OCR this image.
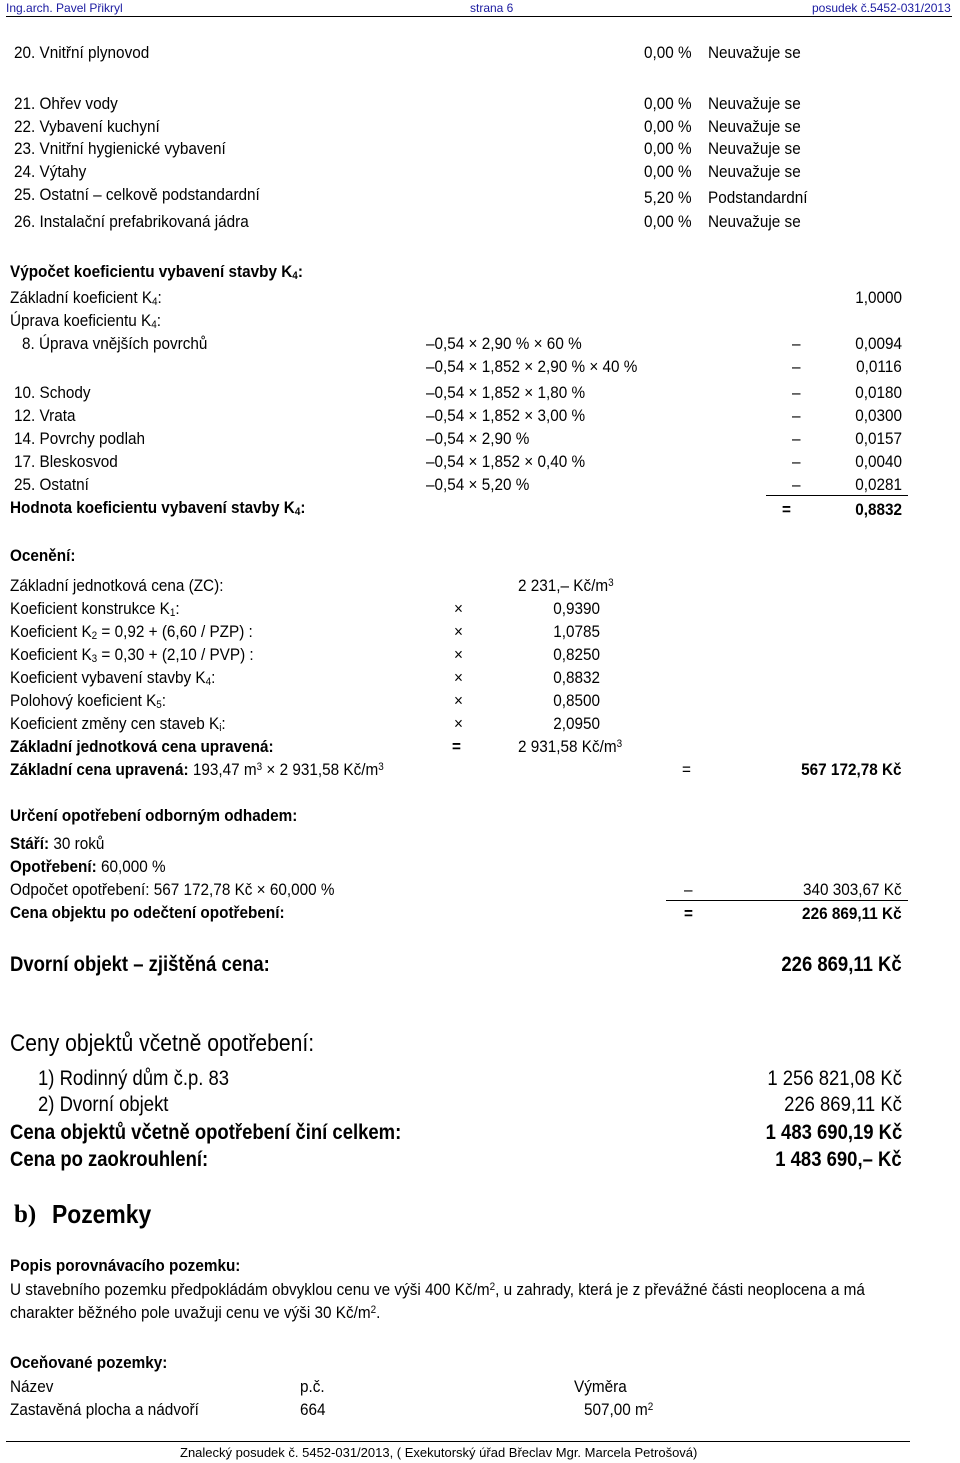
Ing.arch. Pavel Přikryl	strana 6	posudek č.5452-031/2013
20. Vnitřní plynovod	0,00 % Neuvažuje se
21. Ohřev vody	0,00 % Neuvažuje se
22. Vybavení kuchyní	0,00 % Neuvažuje se
23. Vnitřní hygienické vybavení	0,00 % Neuvažuje se
24. Výtahy	0,00 % Neuvažuje se
25. Ostatní – celkově podstandardní	5,20 % Podstandardní
26. Instalační prefabrikovaná jádra	0,00 % Neuvažuje se
Výpočet koeficientu vybavení stavby $K_4$:
Základní koeficient $K_4$:	1,0000
Úprava koeficientu $K_4$:
8. Úprava vnějších povrchů	–0,54 × 2,90 % × 60 %	–	0,0094
–0,54 × 1,852 × 2,90 % × 40 %	–	0,0116
10. Schody	–0,54 × 1,852 × 1,80 %	–	0,0180
12. Vrata	–0,54 × 1,852 × 3,00 %	–	0,0300
14. Povrchy podlah	–0,54 × 2,90 %	–	0,0157
17. Bleskosvod	–0,54 × 1,852 × 0,40 %	–	0,0040
25. Ostatní	–0,54 × 5,20 %	–	0,0281
Hodnota koeficientu vybavení stavby $K_4$:	=	0,8832
Ocenění:
Základní jednotková cena (ZC):	2 231,– $Kč/m^3$
Koeficient konstrukce $K_1$:	×	0,9390
Koeficient $K_2 = 0,92 + (6,60 / PZP)$ :	×	1,0785
Koeficient $K_3 = 0,30 + (2,10 / PVP)$ :	×	0,8250
Koeficient vybavení stavby $K_4$:	×	0,8832
Polohový koeficient $K_5$:	×	0,8500
Koeficient změny cen staveb $K_i$:	×	2,0950
Základní jednotková cena upravená:	=	2 931,58 $Kč/m^3$
Základní cena upravená: 193,47 $m^3 \times 2$ 931,58 $Kč/m^3$	=	567 172,78 Kč
Určení opotřebení odborným odhadem:
Stáří: 30 roků
Opotřebení: 60,000 %
Odpočet opotřebení: 567 172,78 Kč × 60,000 %	–	340 303,67 Kč
Cena objektu po odečtení opotřebení:	=	226 869,11 Kč
Dvorní objekt – zjištěná cena:	226 869,11 Kč
Ceny objektů včetně opotřebení:
1) Rodinný dům č.p. 83	1 256 821,08 Kč
2) Dvorní objekt	226 869,11 Kč
Cena objektů včetně opotřebení činí celkem:	1 483 690,19 Kč
Cena po zaokrouhlení:	1 483 690,– Kč
b) Pozemky
Popis porovnávacího pozemku:
U stavebního pozemku předpokládám obvyklou cenu ve výši 400 $Kč/m^2$, u zahrady, která je z převážné části neoplocena a má
charakter běžného pole uvažuji cenu ve výši 30 $Kč/m^2$.
Oceňované pozemky:
Název	p.č.	Výměra
Zastavěná plocha a nádvoří	664	507,00 $m^2$
Znalecký posudek č. 5452-031/2013, ( Exekutorský úřad Břeclav Mgr. Marcela Petrošová)
